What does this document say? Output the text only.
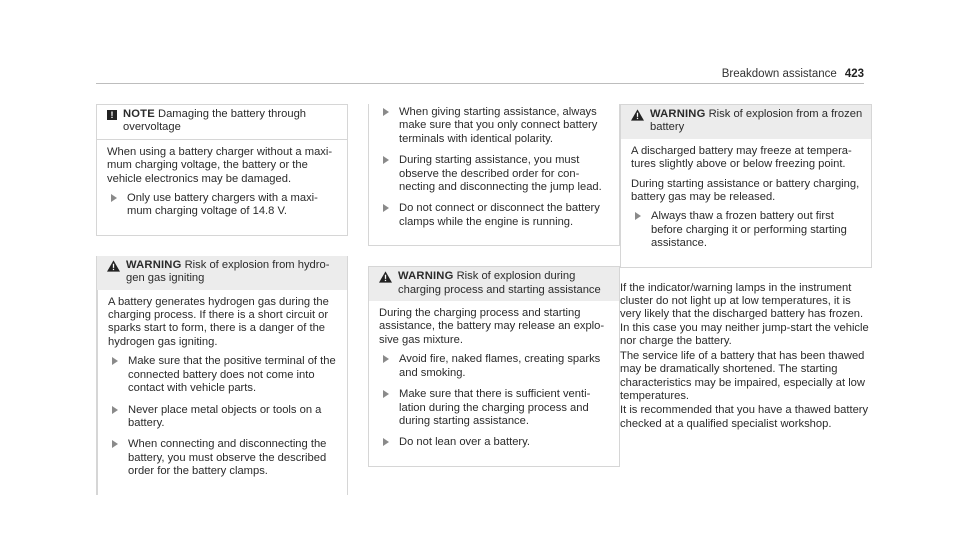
Breakdown assistance 423
! NOTE Damaging the battery through overvoltage

When using a battery charger without a maximum charging voltage, the battery or the vehicle electronics may be damaged.

Only use battery chargers with a maximum charging voltage of 14.8 V.
WARNING Risk of explosion from hydrogen gas igniting

A battery generates hydrogen gas during the charging process. If there is a short circuit or sparks start to form, there is a danger of the hydrogen gas igniting.

Make sure that the positive terminal of the connected battery does not come into contact with vehicle parts.
Never place metal objects or tools on a battery.
When connecting and disconnecting the battery, you must observe the described order for the battery clamps.
When giving starting assistance, always make sure that you only connect battery terminals with identical polarity.
During starting assistance, you must observe the described order for connecting and disconnecting the jump lead.
Do not connect or disconnect the battery clamps while the engine is running.
WARNING Risk of explosion during charging process and starting assistance

During the charging process and starting assistance, the battery may release an explosive gas mixture.

Avoid fire, naked flames, creating sparks and smoking.
Make sure that there is sufficient ventilation during the charging process and during starting assistance.
Do not lean over a battery.
WARNING Risk of explosion from a frozen battery

A discharged battery may freeze at temperatures slightly above or below freezing point.

During starting assistance or battery charging, battery gas may be released.

Always thaw a frozen battery out first before charging it or performing starting assistance.

If the indicator/warning lamps in the instrument cluster do not light up at low temperatures, it is very likely that the discharged battery has frozen. In this case you may neither jump-start the vehicle nor charge the battery.

The service life of a battery that has been thawed may be dramatically shortened. The starting characteristics may be impaired, especially at low temperatures.

It is recommended that you have a thawed battery checked at a qualified specialist workshop.
